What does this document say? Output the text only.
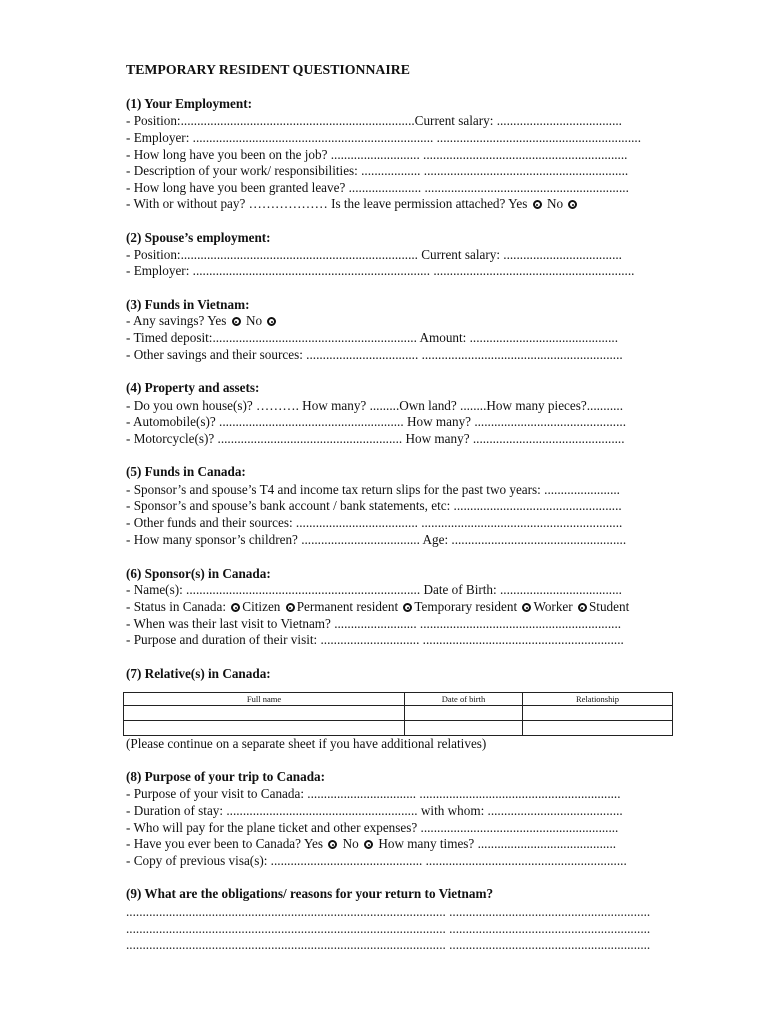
TEMPORARY RESIDENT QUESTIONNAIRE
(1) Your Employment:
- Position:.......................................................................Current salary: ......................................
- Employer: ......................................................................... ..............................................................
- How long have you been on the job? ........................... ..............................................................
- Description of your work/ responsibilities: .................. ..............................................................
- How long have you been granted leave? ...................... ..............................................................
- With or without pay? ……………… Is the leave permission attached? Yes No
(2) Spouse’s employment:
- Position:........................................................................ Current salary: ....................................
- Employer: ........................................................................ .............................................................
(3) Funds in Vietnam:
- Any savings? Yes No
- Timed deposit:.............................................................. Amount: .............................................
- Other savings and their sources: .................................. .............................................................
(4) Property and assets:
- Do you own house(s)? ………. How many? .........Own land? ........How many pieces?...........
- Automobile(s)? ........................................................ How many? ..............................................
- Motorcycle(s)? ........................................................ How many? ..............................................
(5) Funds in Canada:
- Sponsor’s and spouse’s T4 and income tax return slips for the past two years: .......................
- Sponsor’s and spouse’s bank account / bank statements, etc: ...................................................
- Other funds and their sources: ..................................... .............................................................
- How many sponsor’s children? .................................... Age: .....................................................
(6) Sponsor(s) in Canada:
- Name(s): ....................................................................... Date of Birth: .....................................
- Status in Canada: Citizen Permanent resident Temporary resident Worker Student
- When was their last visit to Vietnam? ......................... .............................................................
- Purpose and duration of their visit: .............................. .............................................................
(7) Relative(s) in Canada:
Full name	Date of birth	Relationship

(Please continue on a separate sheet if you have additional relatives)
(8) Purpose of your trip to Canada:
- Purpose of your visit to Canada: ................................. .............................................................
- Duration of stay: .......................................................... with whom: .........................................
- Who will pay for the plane ticket and other expenses? ............................................................
- Have you ever been to Canada? Yes No How many times? ..........................................
- Copy of previous visa(s): .............................................. .............................................................
(9) What are the obligations/ reasons for your return to Vietnam?
................................................................................................. .............................................................
................................................................................................. .............................................................
................................................................................................. .............................................................
